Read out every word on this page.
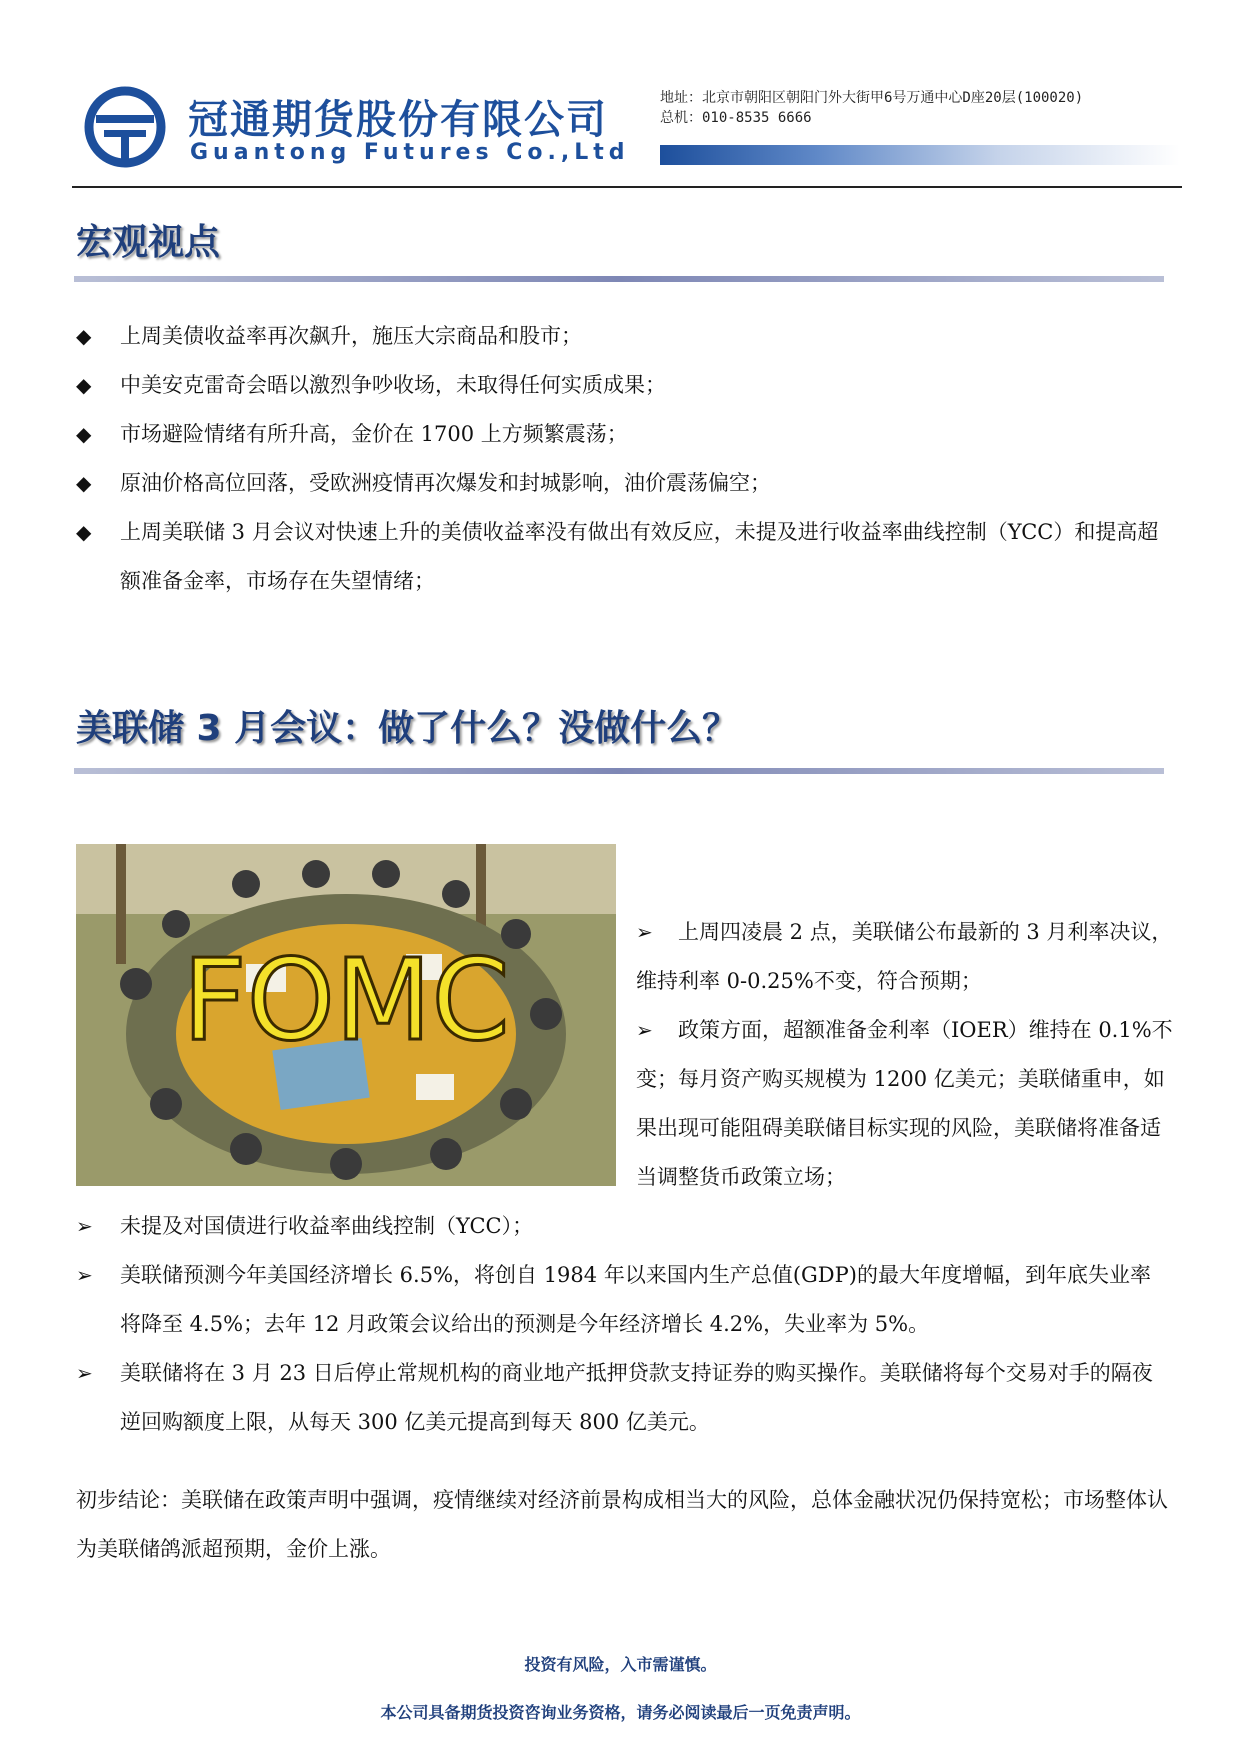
冠通期货股份有限公司
Guantong Futures Co.,Ltd
地址：北京市朝阳区朝阳门外大街甲6号万通中心D座20层(100020)
总机：010-8535 6666
宏观视点
◆	上周美债收益率再次飙升，施压大宗商品和股市；
◆	中美安克雷奇会晤以激烈争吵收场，未取得任何实质成果；
◆	市场避险情绪有所升高，金价在 1700 上方频繁震荡；
◆	原油价格高位回落，受欧洲疫情再次爆发和封城影响，油价震荡偏空；
◆	上周美联储 3 月会议对快速上升的美债收益率没有做出有效反应，未提及进行收益率曲线控制（YCC）和提高超额准备金率，市场存在失望情绪；
美联储 3 月会议：做了什么？没做什么？
FOMC
➢ 上周四凌晨 2 点，美联储公布最新的 3 月利率决议，维持利率 0-0.25%不变，符合预期；
➢ 政策方面，超额准备金利率（IOER）维持在 0.1%不变；每月资产购买规模为 1200 亿美元；美联储重申，如果出现可能阻碍美联储目标实现的风险，美联储将准备适当调整货币政策立场；
➢	未提及对国债进行收益率曲线控制（YCC）；
➢	美联储预测今年美国经济增长 6.5%，将创自 1984 年以来国内生产总值(GDP)的最大年度增幅，到年底失业率将降至 4.5%；去年 12 月政策会议给出的预测是今年经济增长 4.2%，失业率为 5%。
➢	美联储将在 3 月 23 日后停止常规机构的商业地产抵押贷款支持证券的购买操作。美联储将每个交易对手的隔夜逆回购额度上限，从每天 300 亿美元提高到每天 800 亿美元。

初步结论：美联储在政策声明中强调，疫情继续对经济前景构成相当大的风险，总体金融状况仍保持宽松；市场整体认为美联储鸽派超预期，金价上涨。

投资有风险，入市需谨慎。
本公司具备期货投资咨询业务资格，请务必阅读最后一页免责声明。
